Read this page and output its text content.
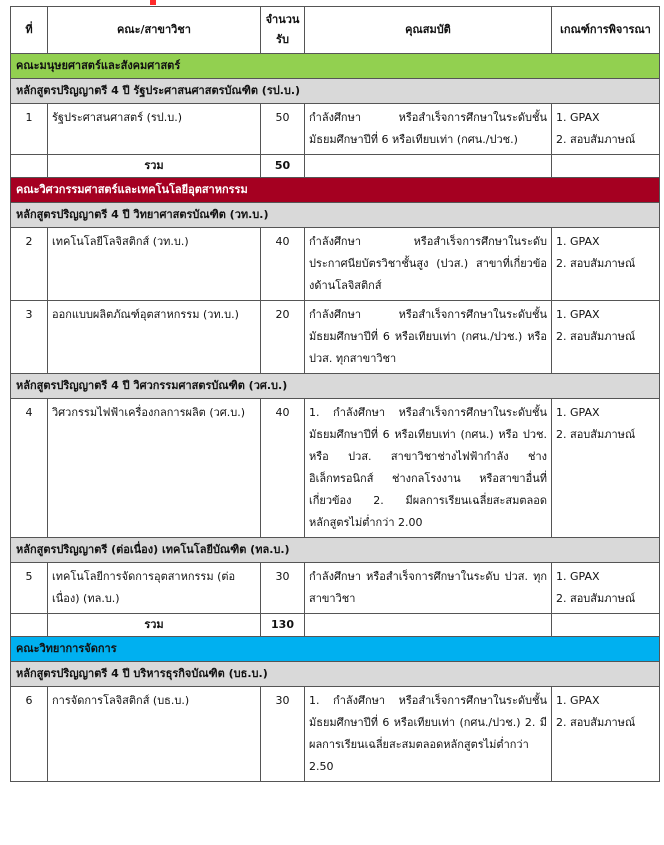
ที่	คณะ/สาขาวิชา	จำนวนรับ	คุณสมบัติ	เกณฑ์การพิจารณา
คณะมนุษยศาสตร์และสังคมศาสตร์				
หลักสูตรปริญญาตรี 4 ปี รัฐประศาสนศาสตรบัณฑิต (รป.บ.)				
1	รัฐประศาสนศาสตร์ (รป.บ.)	50	กำลังศึกษา หรือสำเร็จการศึกษาในระดับชั้นมัธยมศึกษาปีที่ 6 หรือเทียบเท่า (กศน./ปวช.)	1. GPAX
2. สอบสัมภาษณ์

	รวม	50		
คณะวิศวกรรมศาสตร์และเทคโนโลยีอุตสาหกรรม				
หลักสูตรปริญญาตรี 4 ปี วิทยาศาสตรบัณฑิต (วท.บ.)				
2	เทคโนโลยีโลจิสติกส์ (วท.บ.)	40	กำลังศึกษา หรือสำเร็จการศึกษาในระดับประกาศนียบัตรวิชาชั้นสูง (ปวส.) สาขาที่เกี่ยวข้องด้านโลจิสติกส์	1. GPAX
2. สอบสัมภาษณ์

3	ออกแบบผลิตภัณฑ์อุตสาหกรรม (วท.บ.)	20	กำลังศึกษา หรือสำเร็จการศึกษาในระดับชั้นมัธยมศึกษาปีที่ 6 หรือเทียบเท่า (กศน./ปวช.) หรือ ปวส. ทุกสาขาวิชา	1. GPAX
2. สอบสัมภาษณ์

หลักสูตรปริญญาตรี 4 ปี วิศวกรรมศาสตรบัณฑิต (วศ.บ.)				
4	วิศวกรรมไฟฟ้าเครื่องกลการผลิต (วศ.บ.)	40	1. กำลังศึกษา หรือสำเร็จการศึกษาในระดับชั้นมัธยมศึกษาปีที่ 6 หรือเทียบเท่า (กศน.) หรือ ปวช. หรือ ปวส. สาขาวิชาช่างไฟฟ้ากำลัง ช่างอิเล็กทรอนิกส์ ช่างกลโรงงาน หรือสาขาอื่นที่เกี่ยวข้อง 2. มีผลการเรียนเฉลี่ยสะสมตลอดหลักสูตรไม่ต่ำกว่า 2.00	1. GPAX
2. สอบสัมภาษณ์

หลักสูตรปริญญาตรี (ต่อเนื่อง) เทคโนโลยีบัณฑิต (ทล.บ.)				
5	เทคโนโลยีการจัดการอุตสาหกรรม (ต่อเนื่อง) (ทล.บ.)	30	กำลังศึกษา หรือสำเร็จการศึกษาในระดับ ปวส. ทุกสาขาวิชา	1. GPAX
2. สอบสัมภาษณ์

	รวม	130		
คณะวิทยาการจัดการ				
หลักสูตรปริญญาตรี 4 ปี บริหารธุรกิจบัณฑิต (บธ.บ.)				
6	การจัดการโลจิสติกส์ (บธ.บ.)	30	1. กำลังศึกษา หรือสำเร็จการศึกษาในระดับชั้นมัธยมศึกษาปีที่ 6 หรือเทียบเท่า (กศน./ปวช.) 2. มีผลการเรียนเฉลี่ยสะสมตลอดหลักสูตรไม่ต่ำกว่า 2.50	1. GPAX
2. สอบสัมภาษณ์
